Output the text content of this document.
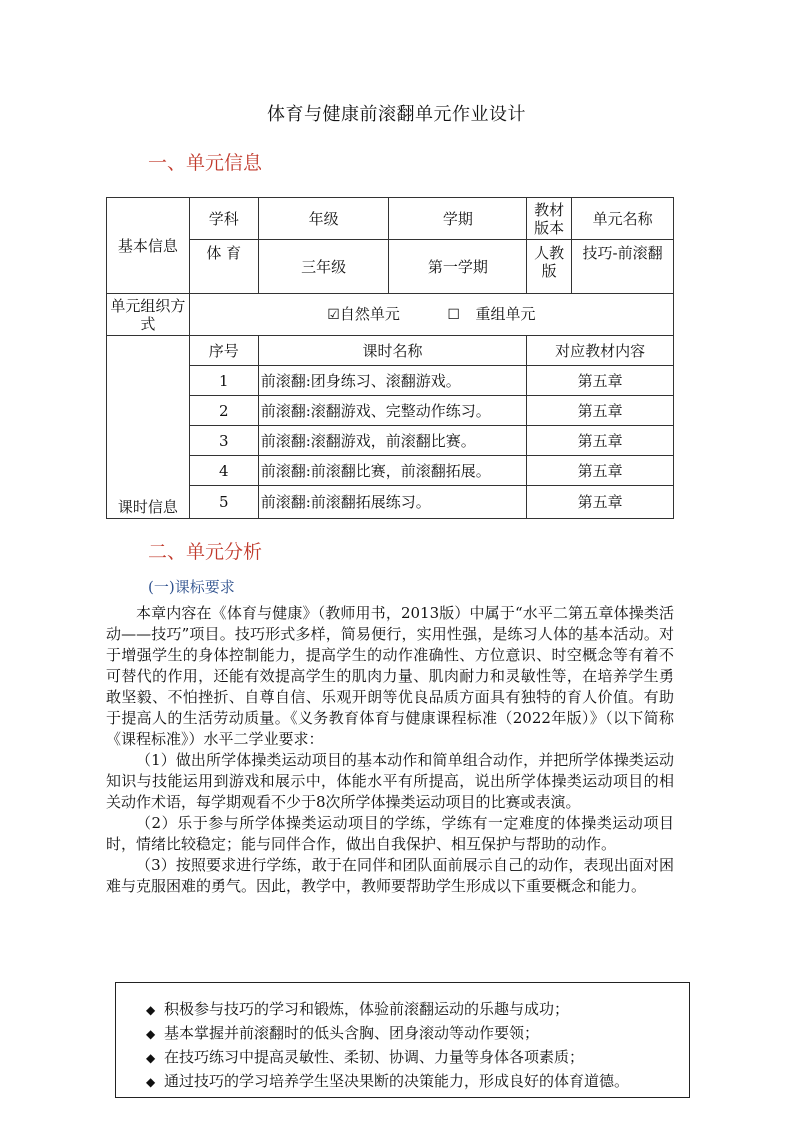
体育与健康前滚翻单元作业设计
一、单元信息
基本信息	学科	年级	学期	教材版本	单元名称
	体 育	三年级	第一学期	人教版	技巧-前滚翻
单元组织方式	☑自然单元 ☐ 重组单元				
课时信息	序号	课时名称		对应教材内容	
	1	前滚翻:团身练习、滚翻游戏。		第五章	
	2	前滚翻:滚翻游戏、完整动作练习。		第五章	
	3	前滚翻:滚翻游戏，前滚翻比赛。		第五章	
	4	前滚翻:前滚翻比赛，前滚翻拓展。		第五章	
	5	前滚翻:前滚翻拓展练习。		第五章	
二、单元分析
(一)课标要求

本章内容在《体育与健康》（教师用书，2013版）中属于“水平二第五章体操类活动——技巧”项目。技巧形式多样，简易便行，实用性强，是练习人体的基本活动。对于增强学生的身体控制能力，提高学生的动作准确性、方位意识、时空概念等有着不可替代的作用，还能有效提高学生的肌肉力量、肌肉耐力和灵敏性等，在培养学生勇敢坚毅、不怕挫折、自尊自信、乐观开朗等优良品质方面具有独特的育人价值。有助于提高人的生活劳动质量。《义务教育体育与健康课程标准（2022年版）》（以下简称《课程标准》）水平二学业要求：

（1）做出所学体操类运动项目的基本动作和简单组合动作，并把所学体操类运动知识与技能运用到游戏和展示中，体能水平有所提高，说出所学体操类运动项目的相关动作术语，每学期观看不少于8次所学体操类运动项目的比赛或表演。

（2）乐于参与所学体操类运动项目的学练，学练有一定难度的体操类运动项目时，情绪比较稳定；能与同伴合作，做出自我保护、相互保护与帮助的动作。

（3）按照要求进行学练，敢于在同伴和团队面前展示自己的动作，表现出面对困难与克服困难的勇气。因此，教学中，教师要帮助学生形成以下重要概念和能力。

◆ 积极参与技巧的学习和锻炼，体验前滚翻运动的乐趣与成功；
◆ 基本掌握并前滚翻时的低头含胸、团身滚动等动作要领；
◆ 在技巧练习中提高灵敏性、柔韧、协调、力量等身体各项素质；
◆ 通过技巧的学习培养学生坚决果断的决策能力，形成良好的体育道德。
